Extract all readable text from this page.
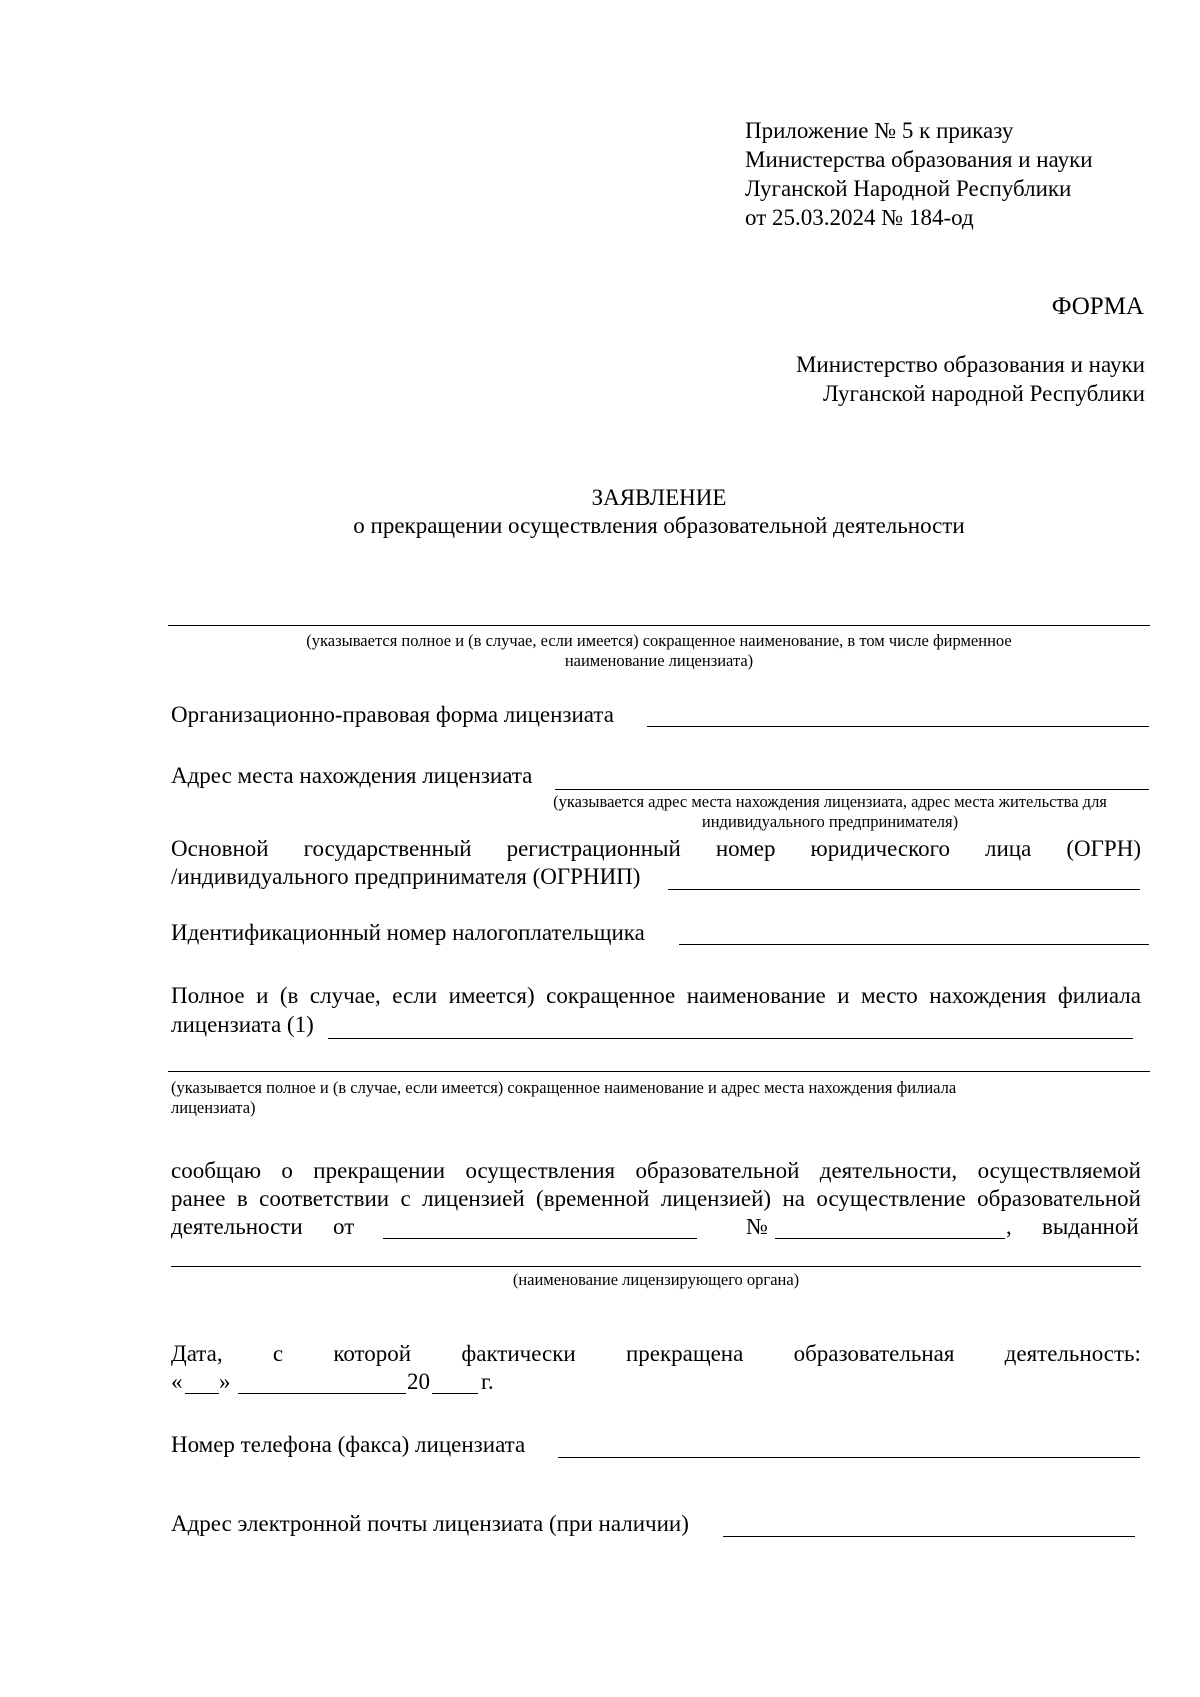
Приложение № 5 к приказу
Министерства образования и науки
Луганской Народной Республики
от 25.03.2024 № 184-од
ФОРМА
Министерство образования и науки
Луганской народной Республики
ЗАЯВЛЕНИЕ
о прекращении осуществления образовательной деятельности
(указывается полное и (в случае, если имеется) сокращенное наименование, в том числе фирменное
наименование лицензиата)
Организационно-правовая форма лицензиата
Адрес места нахождения лицензиата
(указывается адрес места нахождения лицензиата, адрес места жительства для
индивидуального предпринимателя)
Основной государственный регистрационный номер юридического лица (ОГРН)
/индивидуального предпринимателя (ОГРНИП)
Идентификационный номер налогоплательщика
Полное и (в случае, если имеется) сокращенное наименование и место нахождения филиала
лицензиата (1)
(указывается полное и (в случае, если имеется) сокращенное наименование и адрес места нахождения филиала
лицензиата)
сообщаю о прекращении осуществления образовательной деятельности, осуществляемой
ранее в соответствии с лицензией (временной лицензией) на осуществление образовательной
деятельности от	№	, выданной
(наименование лицензирующего органа)
Дата, с которой фактически прекращена образовательная деятельность:
« »	20 г.
Номер телефона (факса) лицензиата
Адрес электронной почты лицензиата (при наличии)
